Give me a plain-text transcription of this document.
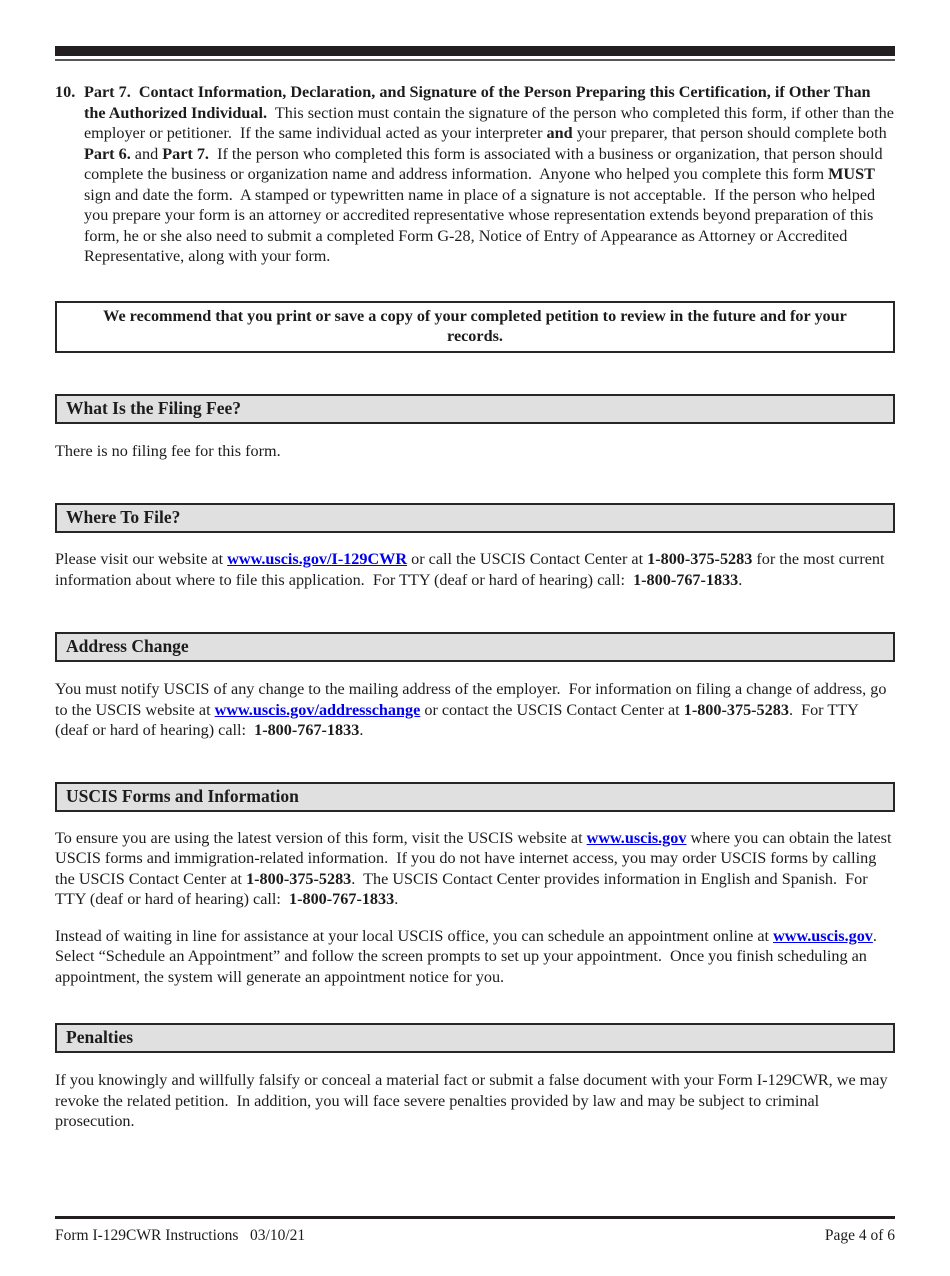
10. Part 7.  Contact Information, Declaration, and Signature of the Person Preparing this Certification, if Other Than the Authorized Individual.  This section must contain the signature of the person who completed this form, if other than the employer or petitioner.  If the same individual acted as your interpreter and your preparer, that person should complete both Part 6. and Part 7.  If the person who completed this form is associated with a business or organization, that person should complete the business or organization name and address information.  Anyone who helped you complete this form MUST sign and date the form.  A stamped or typewritten name in place of a signature is not acceptable.  If the person who helped you prepare your form is an attorney or accredited representative whose representation extends beyond preparation of this form, he or she also need to submit a completed Form G-28, Notice of Entry of Appearance as Attorney or Accredited Representative, along with your form.

We recommend that you print or save a copy of your completed petition to review in the future and for your records.
What Is the Filing Fee?

There is no filing fee for this form.

Where To File?

Please visit our website at www.uscis.gov/I-129CWR or call the USCIS Contact Center at 1-800-375-5283 for the most current information about where to file this application.  For TTY (deaf or hard of hearing) call:  1-800-767-1833.

Address Change

You must notify USCIS of any change to the mailing address of the employer.  For information on filing a change of address, go to the USCIS website at www.uscis.gov/addresschange or contact the USCIS Contact Center at 1-800-375-5283.  For TTY (deaf or hard of hearing) call:  1-800-767-1833.

USCIS Forms and Information

To ensure you are using the latest version of this form, visit the USCIS website at www.uscis.gov where you can obtain the latest USCIS forms and immigration-related information.  If you do not have internet access, you may order USCIS forms by calling the USCIS Contact Center at 1-800-375-5283.  The USCIS Contact Center provides information in English and Spanish.  For TTY (deaf or hard of hearing) call:  1-800-767-1833.

Instead of waiting in line for assistance at your local USCIS office, you can schedule an appointment online at www.uscis.gov.  Select “Schedule an Appointment” and follow the screen prompts to set up your appointment.  Once you finish scheduling an appointment, the system will generate an appointment notice for you.

Penalties

If you knowingly and willfully falsify or conceal a material fact or submit a false document with your Form I-129CWR, we may revoke the related petition.  In addition, you will face severe penalties provided by law and may be subject to criminal prosecution.

Form I-129CWR Instructions   03/10/21	Page 4 of 6
